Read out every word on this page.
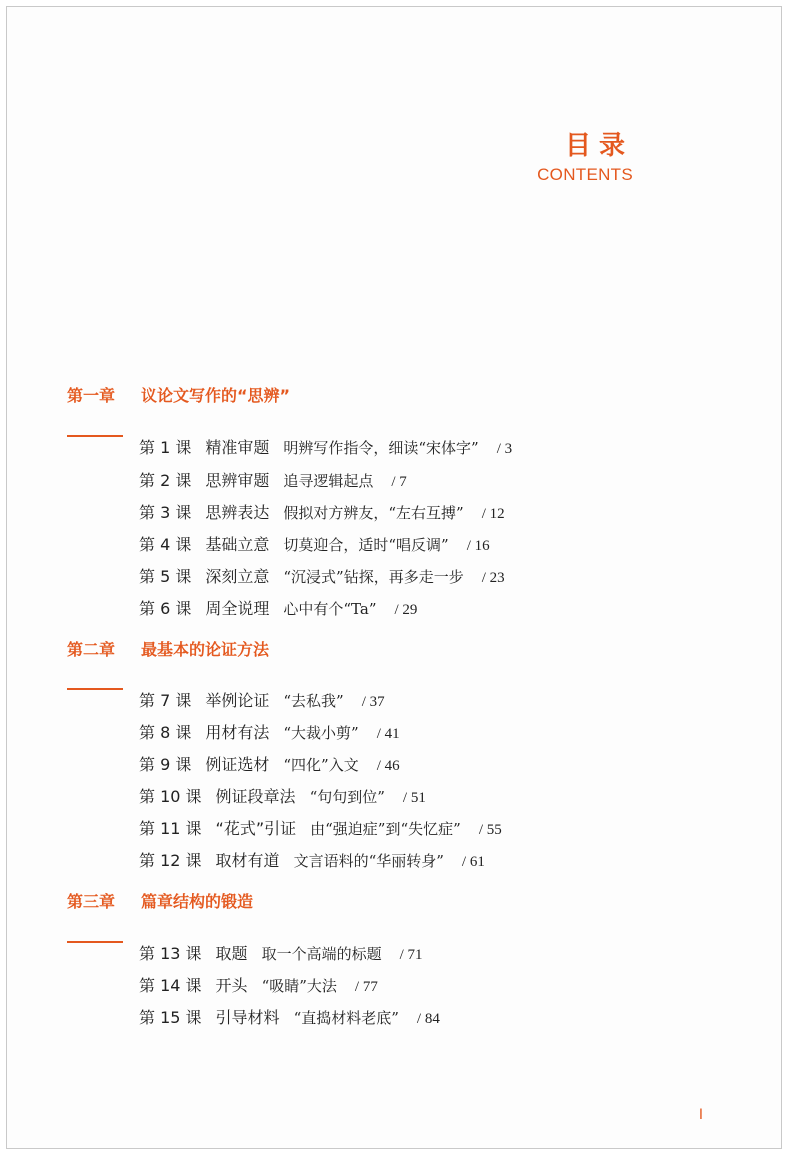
目录
CONTENTS
第一章 议论文写作的“思辨”
第 1 课 精准审题 明辨写作指令，细读“宋体字” / 3
第 2 课 思辨审题 追寻逻辑起点 / 7
第 3 课 思辨表达 假拟对方辨友，“左右互搏” / 12
第 4 课 基础立意 切莫迎合，适时“唱反调” / 16
第 5 课 深刻立意 “沉浸式”钻探，再多走一步 / 23
第 6 课 周全说理 心中有个“Ta” / 29
第二章 最基本的论证方法
第 7 课 举例论证 “去私我” / 37
第 8 课 用材有法 “大裁小剪” / 41
第 9 课 例证选材 “四化”入文 / 46
第 10 课 例证段章法 “句句到位” / 51
第 11 课 “花式”引证 由“强迫症”到“失忆症” / 55
第 12 课 取材有道 文言语料的“华丽转身” / 61
第三章 篇章结构的锻造
第 13 课 取题 取一个高端的标题 / 71
第 14 课 开头 “吸睛”大法 / 77
第 15 课 引导材料 “直捣材料老底” / 84
I
